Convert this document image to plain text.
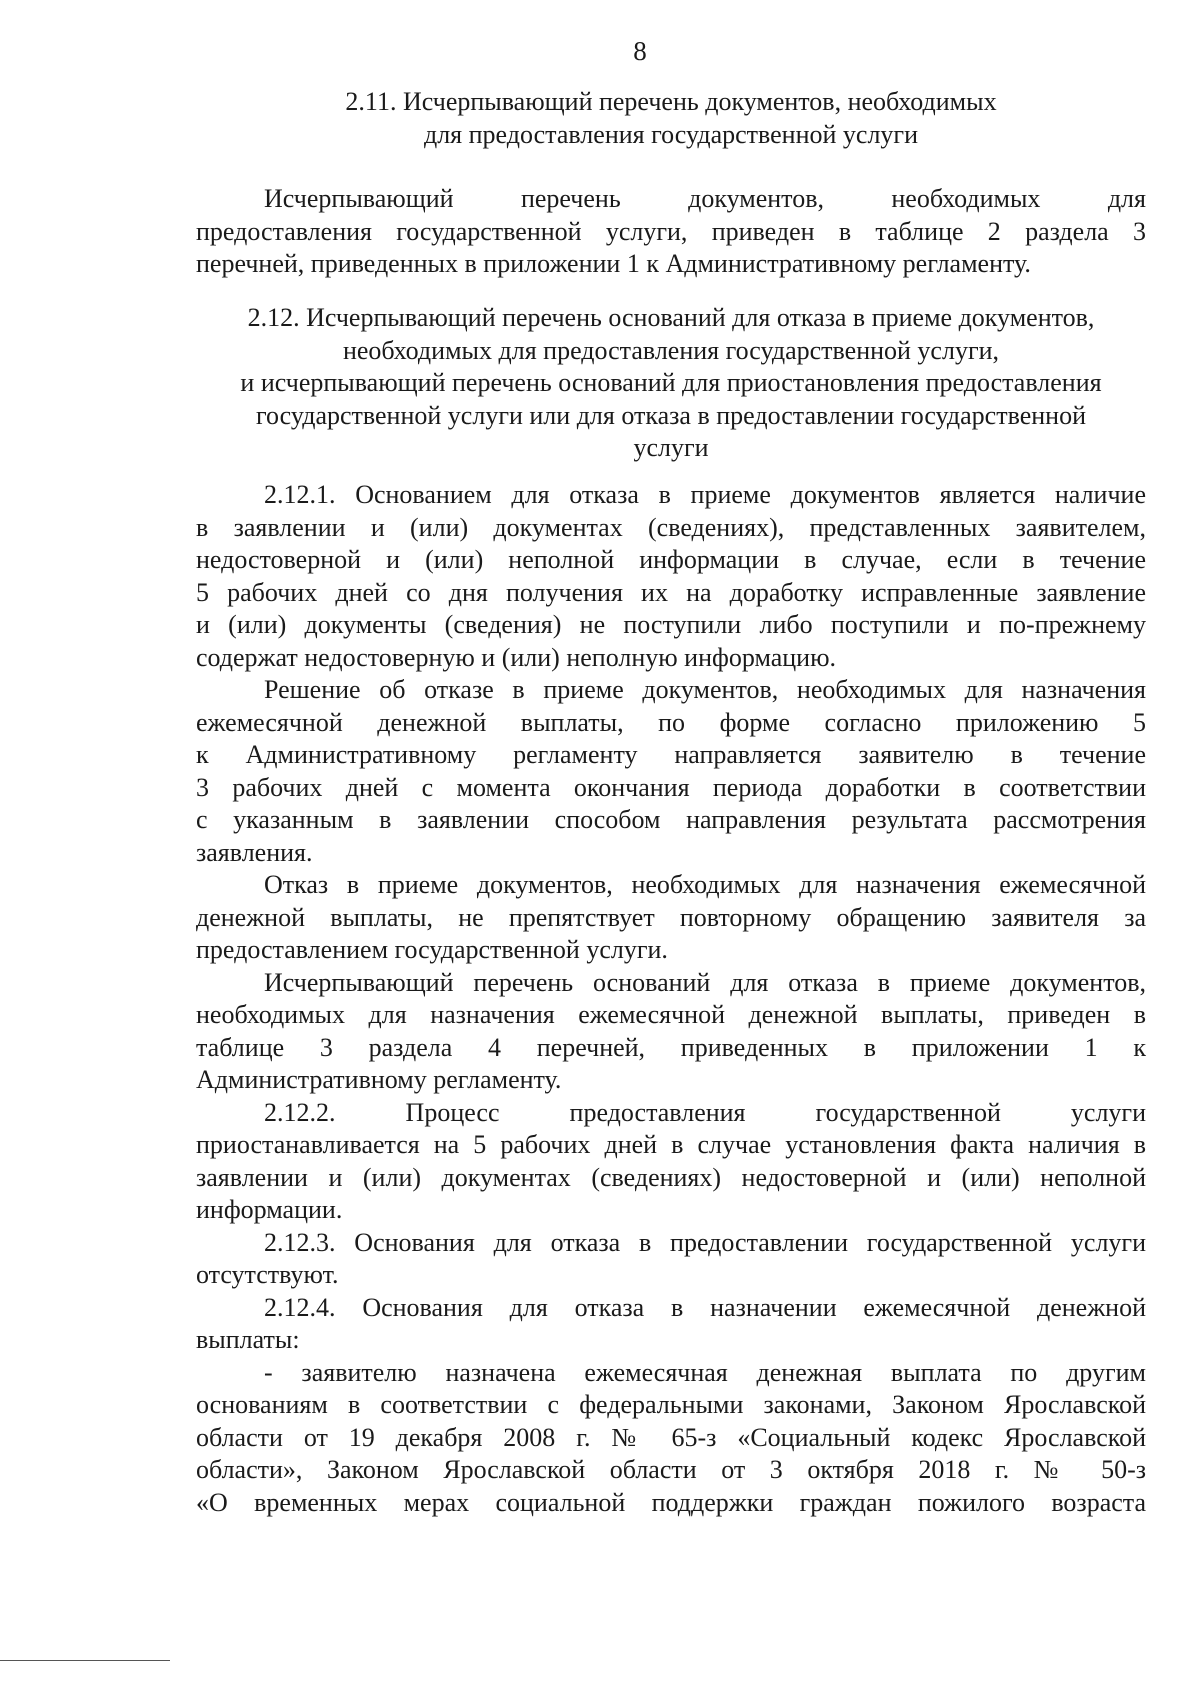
8
2.11. Исчерпывающий перечень документов, необходимых
для предоставления государственной услуги
Исчерпывающий перечень документов, необходимых для
предоставления государственной услуги, приведен в таблице 2 раздела 3
перечней, приведенных в приложении 1 к Административному регламенту.
2.12. Исчерпывающий перечень оснований для отказа в приеме документов,
необходимых для предоставления государственной услуги,
и исчерпывающий перечень оснований для приостановления предоставления
государственной услуги или для отказа в предоставлении государственной
услуги
2.12.1. Основанием для отказа в приеме документов является наличие
в заявлении и (или) документах (сведениях), представленных заявителем,
недостоверной и (или) неполной информации в случае, если в течение
5 рабочих дней со дня получения их на доработку исправленные заявление
и (или) документы (сведения) не поступили либо поступили и по-прежнему
содержат недостоверную и (или) неполную информацию.
Решение об отказе в приеме документов, необходимых для назначения
ежемесячной денежной выплаты, по форме согласно приложению 5
к Административному регламенту направляется заявителю в течение
3 рабочих дней с момента окончания периода доработки в соответствии
с указанным в заявлении способом направления результата рассмотрения
заявления.
Отказ в приеме документов, необходимых для назначения ежемесячной
денежной выплаты, не препятствует повторному обращению заявителя за
предоставлением государственной услуги.
Исчерпывающий перечень оснований для отказа в приеме документов,
необходимых для назначения ежемесячной денежной выплаты, приведен в
таблице 3 раздела 4 перечней, приведенных в приложении 1 к
Административному регламенту.
2.12.2. Процесс предоставления государственной услуги
приостанавливается на 5 рабочих дней в случае установления факта наличия в
заявлении и (или) документах (сведениях) недостоверной и (или) неполной
информации.
2.12.3. Основания для отказа в предоставлении государственной услуги
отсутствуют.
2.12.4. Основания для отказа в назначении ежемесячной денежной
выплаты:
- заявителю назначена ежемесячная денежная выплата по другим
основаниям в соответствии с федеральными законами, Законом Ярославской
области от 19 декабря 2008 г. № 65-з «Социальный кодекс Ярославской
области», Законом Ярославской области от 3 октября 2018 г. № 50-з
«О временных мерах социальной поддержки граждан пожилого возраста
